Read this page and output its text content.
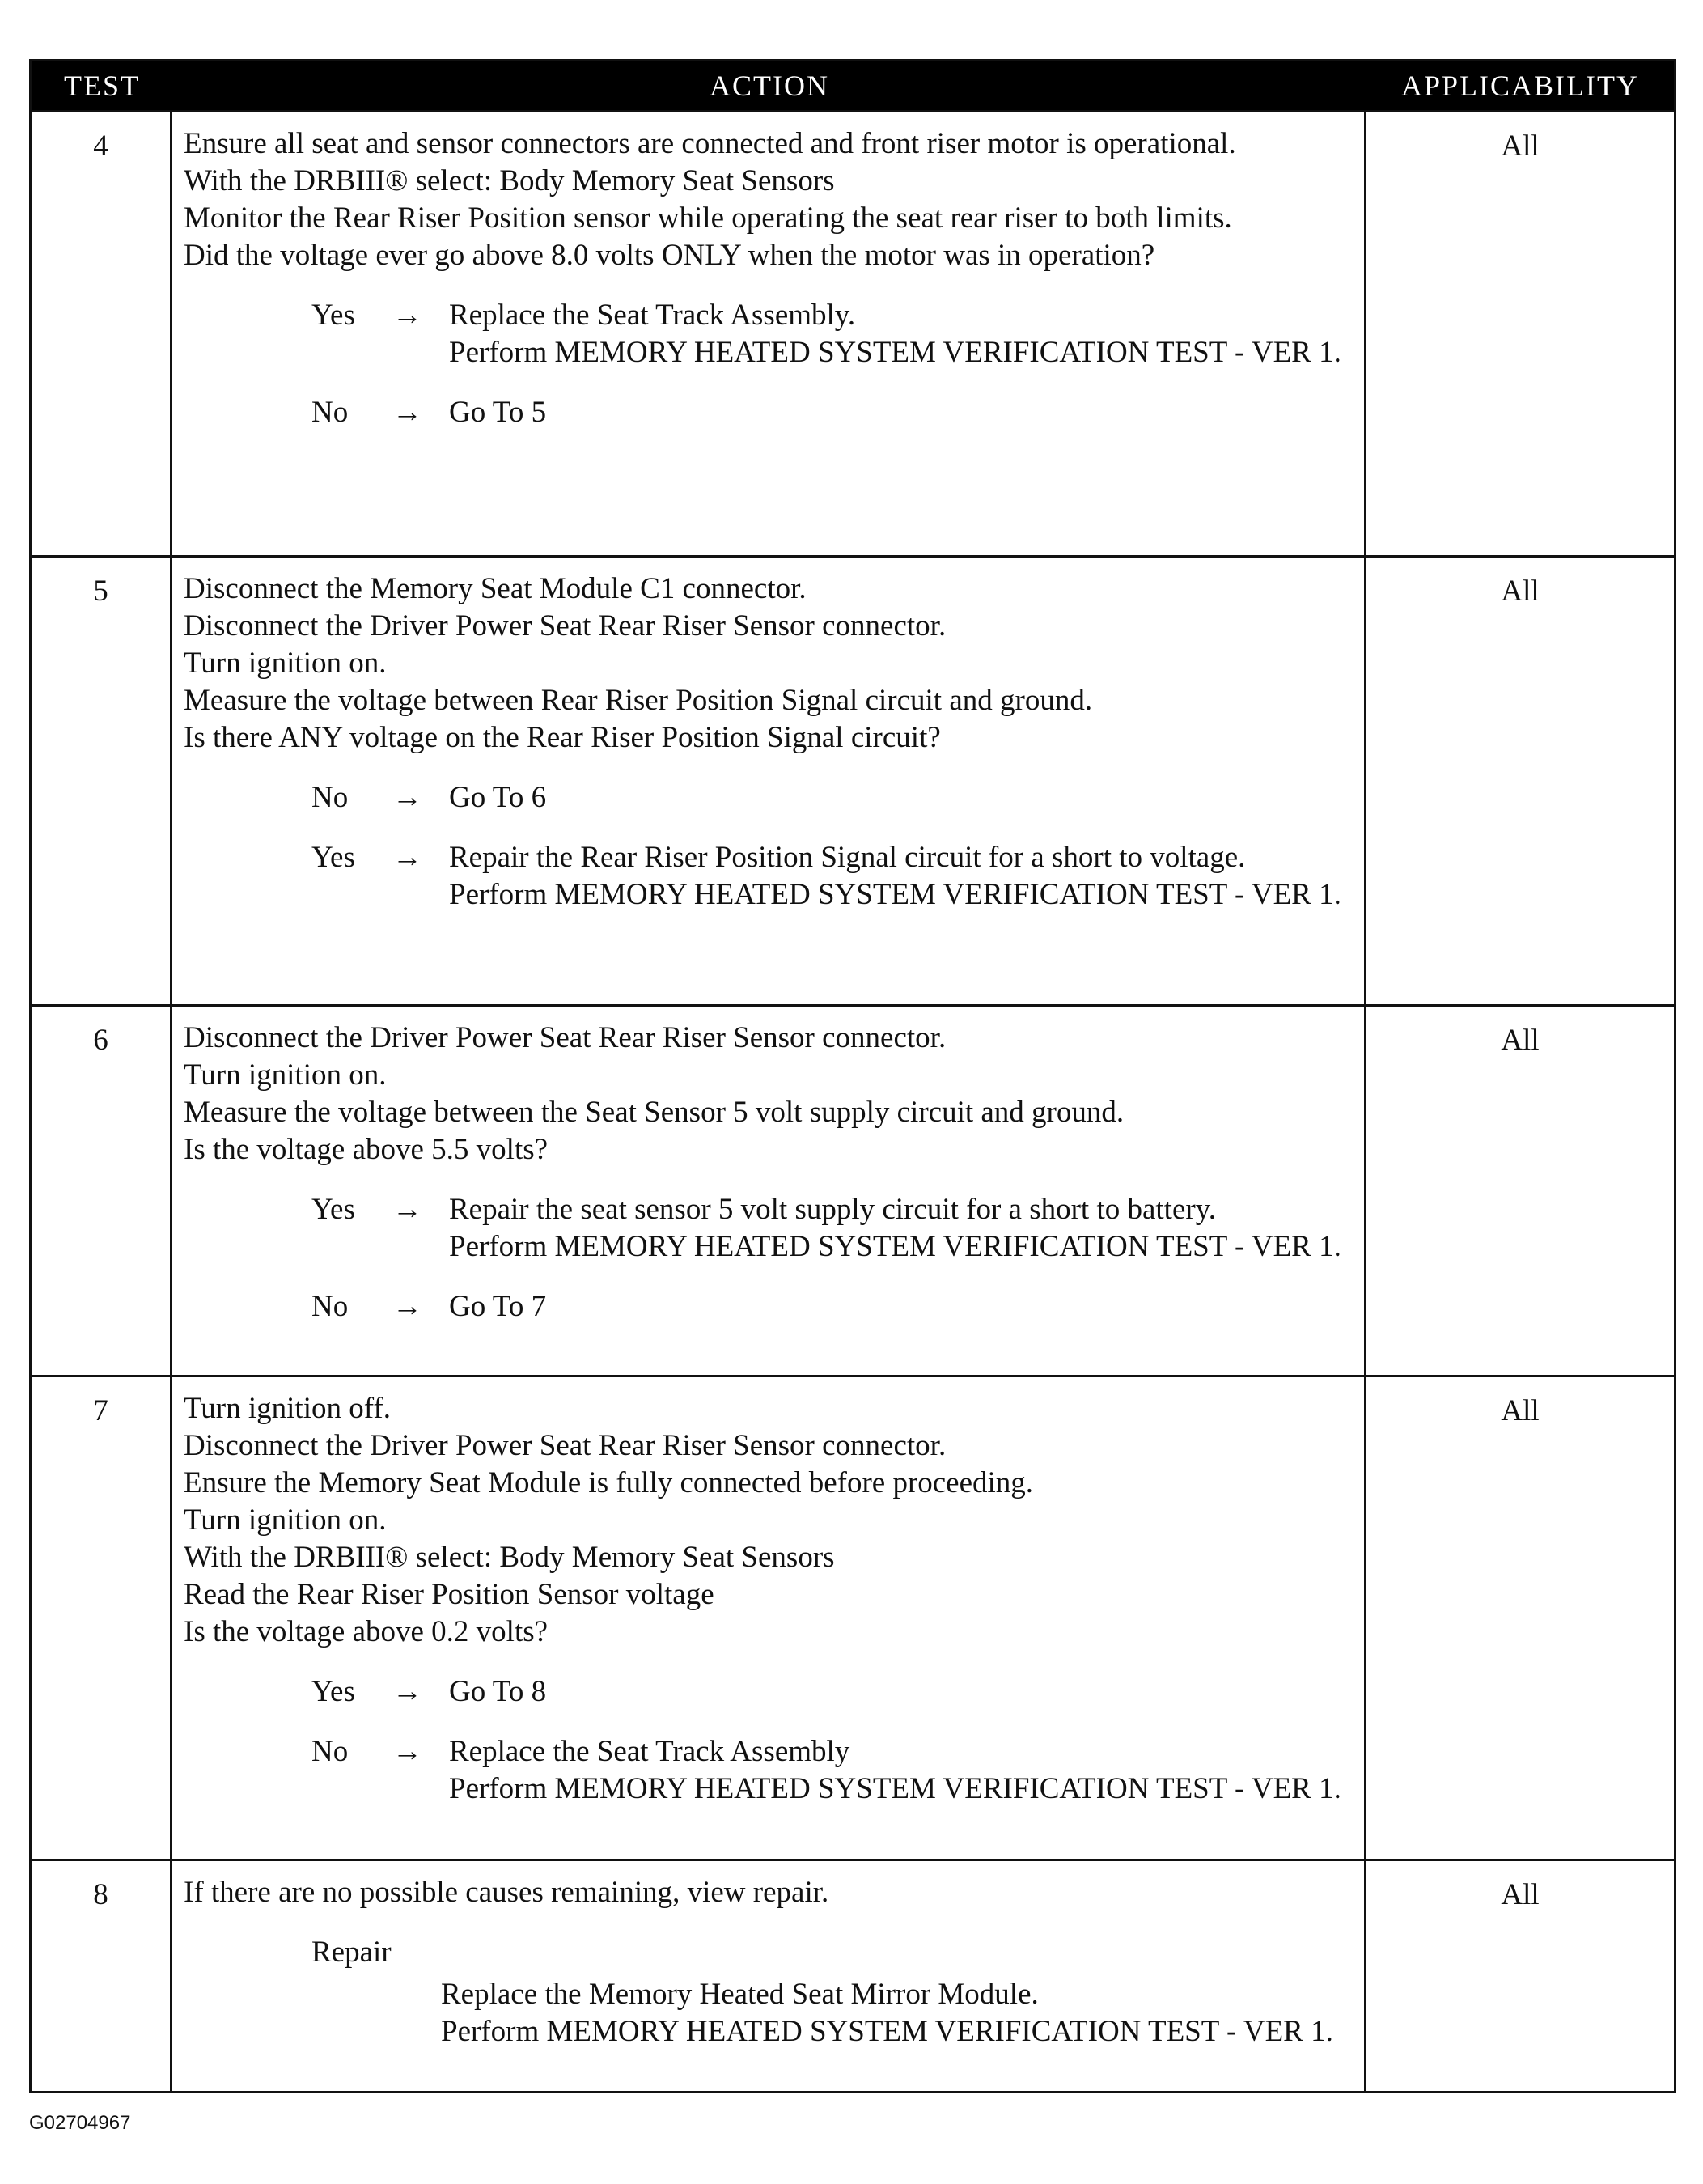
TEST	ACTION	APPLICABILITY
4	Ensure all seat and sensor connectors are connected and front riser motor is operational.
With the DRBIII® select: Body Memory Seat Sensors
Monitor the Rear Riser Position sensor while operating the seat rear riser to both limits.
Did the voltage ever go above 8.0 volts ONLY when the motor was in operation?
Yes	→ Replace the Seat Track Assembly.
Perform MEMORY HEATED SYSTEM VERIFICATION TEST - VER 1.
No	→ Go To 5
All
5	Disconnect the Memory Seat Module C1 connector.
Disconnect the Driver Power Seat Rear Riser Sensor connector.
Turn ignition on.
Measure the voltage between Rear Riser Position Signal circuit and ground.
Is there ANY voltage on the Rear Riser Position Signal circuit?
No	→ Go To 6
Yes	→ Repair the Rear Riser Position Signal circuit for a short to voltage.
Perform MEMORY HEATED SYSTEM VERIFICATION TEST - VER 1.
All
6	Disconnect the Driver Power Seat Rear Riser Sensor connector.
Turn ignition on.
Measure the voltage between the Seat Sensor 5 volt supply circuit and ground.
Is the voltage above 5.5 volts?
Yes	→ Repair the seat sensor 5 volt supply circuit for a short to battery.
Perform MEMORY HEATED SYSTEM VERIFICATION TEST - VER 1.
No	→ Go To 7
All
7	Turn ignition off.
Disconnect the Driver Power Seat Rear Riser Sensor connector.
Ensure the Memory Seat Module is fully connected before proceeding.
Turn ignition on.
With the DRBIII® select: Body Memory Seat Sensors
Read the Rear Riser Position Sensor voltage
Is the voltage above 0.2 volts?
Yes	→ Go To 8
No	→ Replace the Seat Track Assembly
Perform MEMORY HEATED SYSTEM VERIFICATION TEST - VER 1.
All
8	If there are no possible causes remaining, view repair.
Repair
Replace the Memory Heated Seat Mirror Module.
Perform MEMORY HEATED SYSTEM VERIFICATION TEST - VER 1.
All
G02704967
